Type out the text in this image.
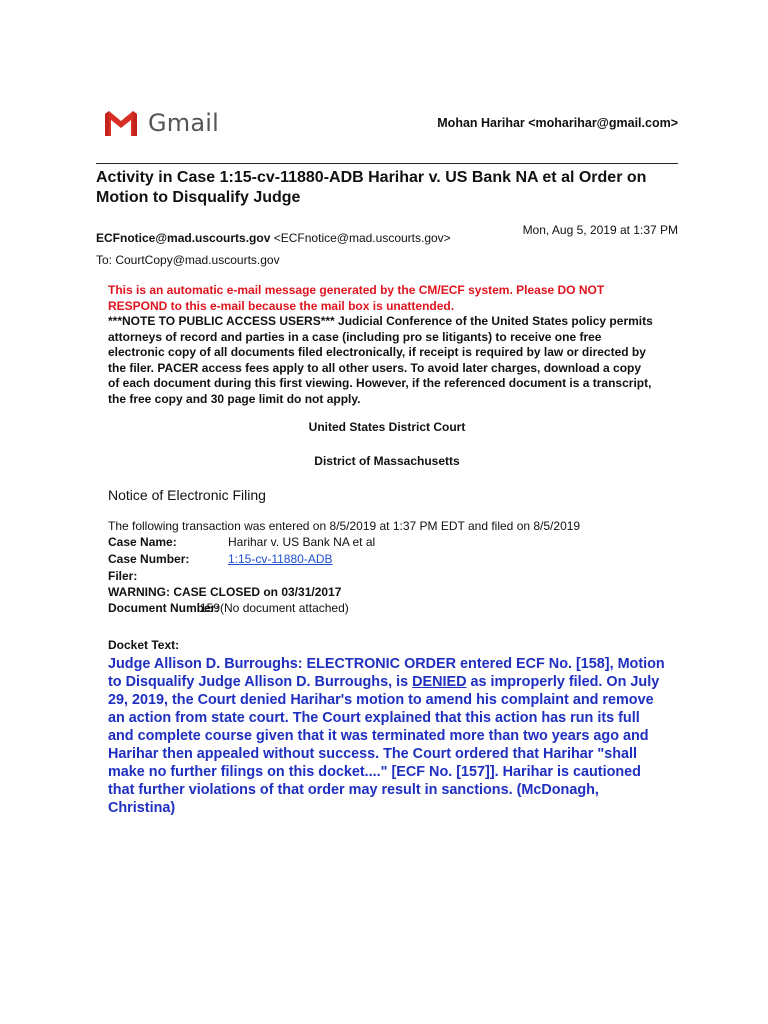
Gmail	Mohan Harihar <moharihar@gmail.com>
Activity in Case 1:15-cv-11880-ADB Harihar v. US Bank NA et al Order on Motion to Disqualify Judge
ECFnotice@mad.uscourts.gov <ECFnotice@mad.uscourts.gov>
Mon, Aug 5, 2019 at 1:37 PM
To: CourtCopy@mad.uscourts.gov
This is an automatic e-mail message generated by the CM/ECF system. Please DO NOT RESPOND to this e-mail because the mail box is unattended.
***NOTE TO PUBLIC ACCESS USERS*** Judicial Conference of the United States policy permits attorneys of record and parties in a case (including pro se litigants) to receive one free electronic copy of all documents filed electronically, if receipt is required by law or directed by the filer. PACER access fees apply to all other users. To avoid later charges, download a copy of each document during this first viewing. However, if the referenced document is a transcript, the free copy and 30 page limit do not apply.
United States District Court
District of Massachusetts
Notice of Electronic Filing
The following transaction was entered on 8/5/2019 at 1:37 PM EDT and filed on 8/5/2019
Case Name:	Harihar v. US Bank NA et al
Case Number:	1:15-cv-11880-ADB
Filer:
WARNING: CASE CLOSED on 03/31/2017
Document Number:
159(No document attached)
Docket Text:
Judge Allison D. Burroughs: ELECTRONIC ORDER entered ECF No. [158], Motion to Disqualify Judge Allison D. Burroughs, is DENIED as improperly filed. On July 29, 2019, the Court denied Harihar's motion to amend his complaint and remove an action from state court. The Court explained that this action has run its full and complete course given that it was terminated more than two years ago and Harihar then appealed without success. The Court ordered that Harihar "shall make no further filings on this docket...." [ECF No. [157]]. Harihar is cautioned that further violations of that order may result in sanctions. (McDonagh, Christina)
